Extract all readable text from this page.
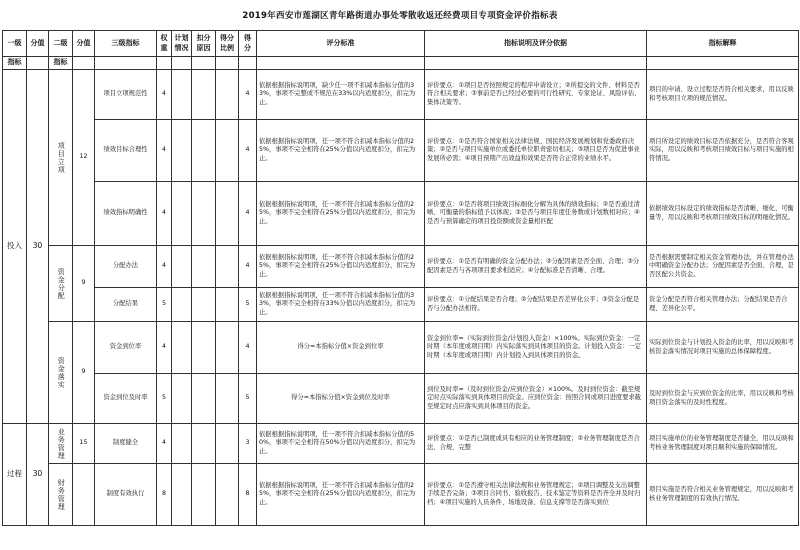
2019年西安市莲湖区青年路街道办事处零散收返还经费项目专项资金评价指标表
一级	分值	二级	分值	三级指标	权重	计划情况	扣分原因	得分比例	得分	评分标准	指标说明及评分依据	指标解释
指标		指标										
投入	30	项目立项	12	项目立项规范性	4				4	依据根据指标说明项，缺少任一项不扣减本指标分值的33%，事项不完整或不规范在33%以内适度扣分，扣完为止。	评价要点：①项目是否按照规定的程序申请设立；②所提交的文件、材料是否符合相关要求；③事前是否已经过必要的可行性研究、专家论证、风险评估、集体决策等。	项目的申请、设立过程是否符合相关要求，用以反映和考核项目立项的规范情况。
				绩效目标合理性	4				4	依据根据指标说明项，任一项不符合扣减本指标分值的25%，事项不完全相符在25%分值以内适度扣分，扣完为止。	评价要点：①是否符合国家相关法律法规、国民经济发展规划和党委政府决策；②是否与项目实施单位或委托单位职责密切相关；③项目是否为促进事业发展所必需；④项目预期产出效益和效果是否符合正常的业绩水平。	项目所设定的绩效目标是否依据充分，是否符合客观实际，用以反映和考核项目绩效目标与项目实施的相符情况。
				绩效指标明确性	4				4	依据根据指标说明项，任一项不符合扣减本指标分值的25%，事项不完全相符在25%分值以内适度扣分，扣完为止。	评价要点：①是否将项目绩效目标细化分解为具体的绩效指标；②是否通过清晰、可衡量的指标值予以体现；③是否与项目年度任务数或计划数相对应；④是否与预算确定的项目投资额或资金量相匹配	依据绩效目标设定的绩效指标是否清晰、细化、可衡量等，用以反映和考核项目绩效目标的明细化情况。

		资金分配	9	分配办法	4				4	依据根据指标说明项，任一项不符合扣减本指标分值的25%，事项不完全相符在25%分值以内适度扣分，扣完为止。	评价要点：①是否有明确的资金分配办法；②分配因素是否全面、合理；③分配因素是否与各项项目要求相适应；④分配标准是否清晰、合理。	是否根据需要制定相关资金管理办法，并在管理办法中明确资金分配办法；分配因素是否全面、合理，是否区配公共资金。
				分配结果	5				5	依据根据指标说明项，任一项不符合扣减本指标分值的33%，事项不完全相符在33%分值以内适度扣分，扣完为止。	评价要点：①分配结果是否合理；②分配结果是否差异化公平；③资金分配是否与分配办法相符。	资金分配是否符合相关管理办法；分配结果是否合理、差异化公平。

		资金落实	9	资金到位率	4				4	得分=本指标分值×资金到位率	资金到位率=（实际到位资金/计划投入资金）×100%。实际到位资金：一定时期（本年度或项目期）内实际落实到具体项目的资金。计划投入资金：一定时期（本年度或项目期）内计划投入到具体项目的资金。	实际到位资金与计划投入资金的比率，用以反映和考核资金落实情况对项目实施的总体保障程度。
				资金到位及时率	5				5	得分=本指标分值×资金到位及时率	到位及时率=（及时到位资金/应到位资金）×100%。及时到位资金：截至规定时点实际落实到具体项目的资金。应到位资金：按照合同或项目进度要求截至规定时点应落实到具体项目的资金。	及时到位资金与应到位资金的比率，用以反映和考核项目资金落实的及时性程度。
过程	30	业务管理	15	制度健全	4				3	依据根据指标说明项，任一项不符合扣减本指标分值的50%，事项不完全相符在50%分值以内适度扣分，扣完为止。	评价要点：①是否已制度或具有相应的业务管理制度；②业务管理制度是否合法、合规、完整	项目实施单位的业务管理制度是否健全，用以反映和考核业务管理制度对项目顺利实施的保障情况。

		财务管理		制度有效执行	8				8	依据根据指标说明项，任一项不符合扣减本指标分值的25%，事项不完全相符在25%分值以内适度扣分，扣完为止。	评价要点：①是否遵守相关法律法规和业务管理规定；②项目调整及支出调整手续是否完备；③项目合同书、验收报告、技术鉴定等资料是否齐全并及时归档；④项目实施的人员条件、场地设备、信息支撑等是否落实到位	项目实施是否符合相关业务管理规定，用以反映和考核业务管理制度的有效执行情况。
